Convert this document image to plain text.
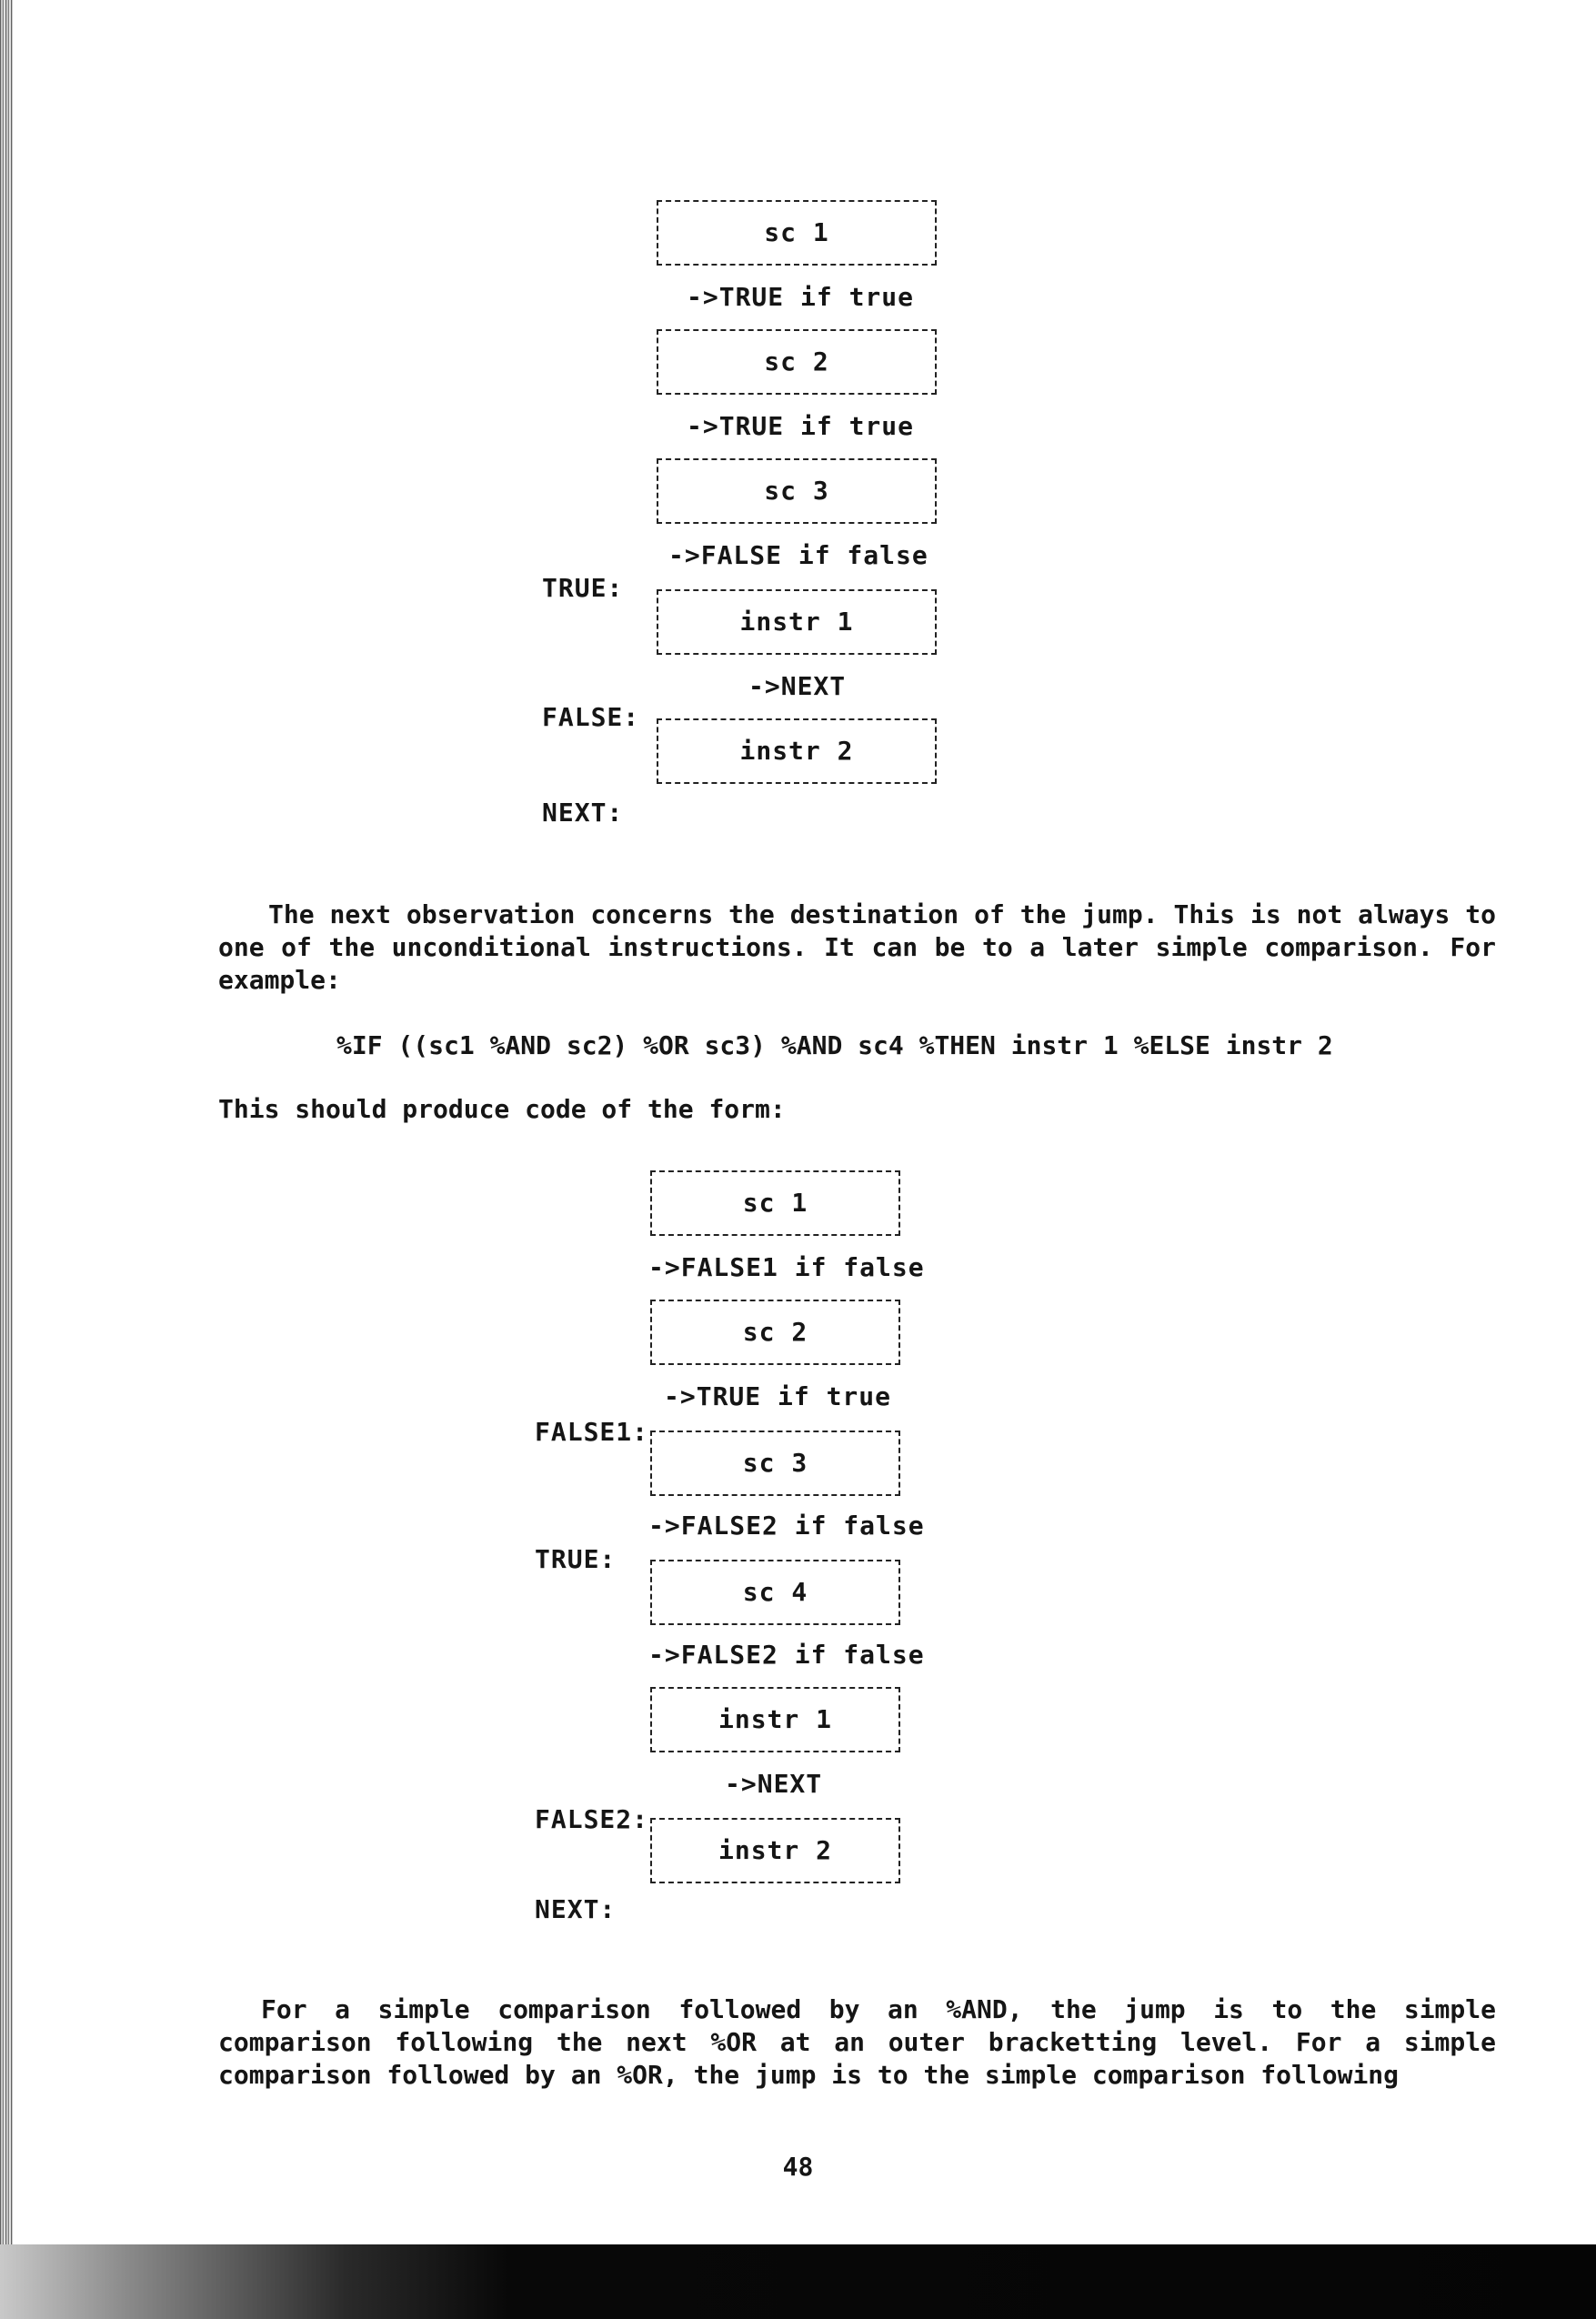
sc 1
->TRUE if true
sc 2
->TRUE if true
sc 3
->FALSE if false
TRUE:
instr 1
->NEXT
FALSE:
instr 2
NEXT:
The next observation concerns the destination of the jump. This is not always to one of the unconditional instructions. It can be to a later simple comparison. For example:
%IF ((sc1 %AND sc2) %OR sc3) %AND sc4 %THEN instr 1 %ELSE instr 2
This should produce code of the form:
sc 1
->FALSE1 if false
sc 2
->TRUE if true
FALSE1:
sc 3
->FALSE2 if false
TRUE:
sc 4
->FALSE2 if false
instr 1
->NEXT
FALSE2:
instr 2
NEXT:
For a simple comparison followed by an %AND, the jump is to the simple comparison following the next %OR at an outer bracketting level. For a simple comparison followed by an %OR, the jump is to the simple comparison following
48
